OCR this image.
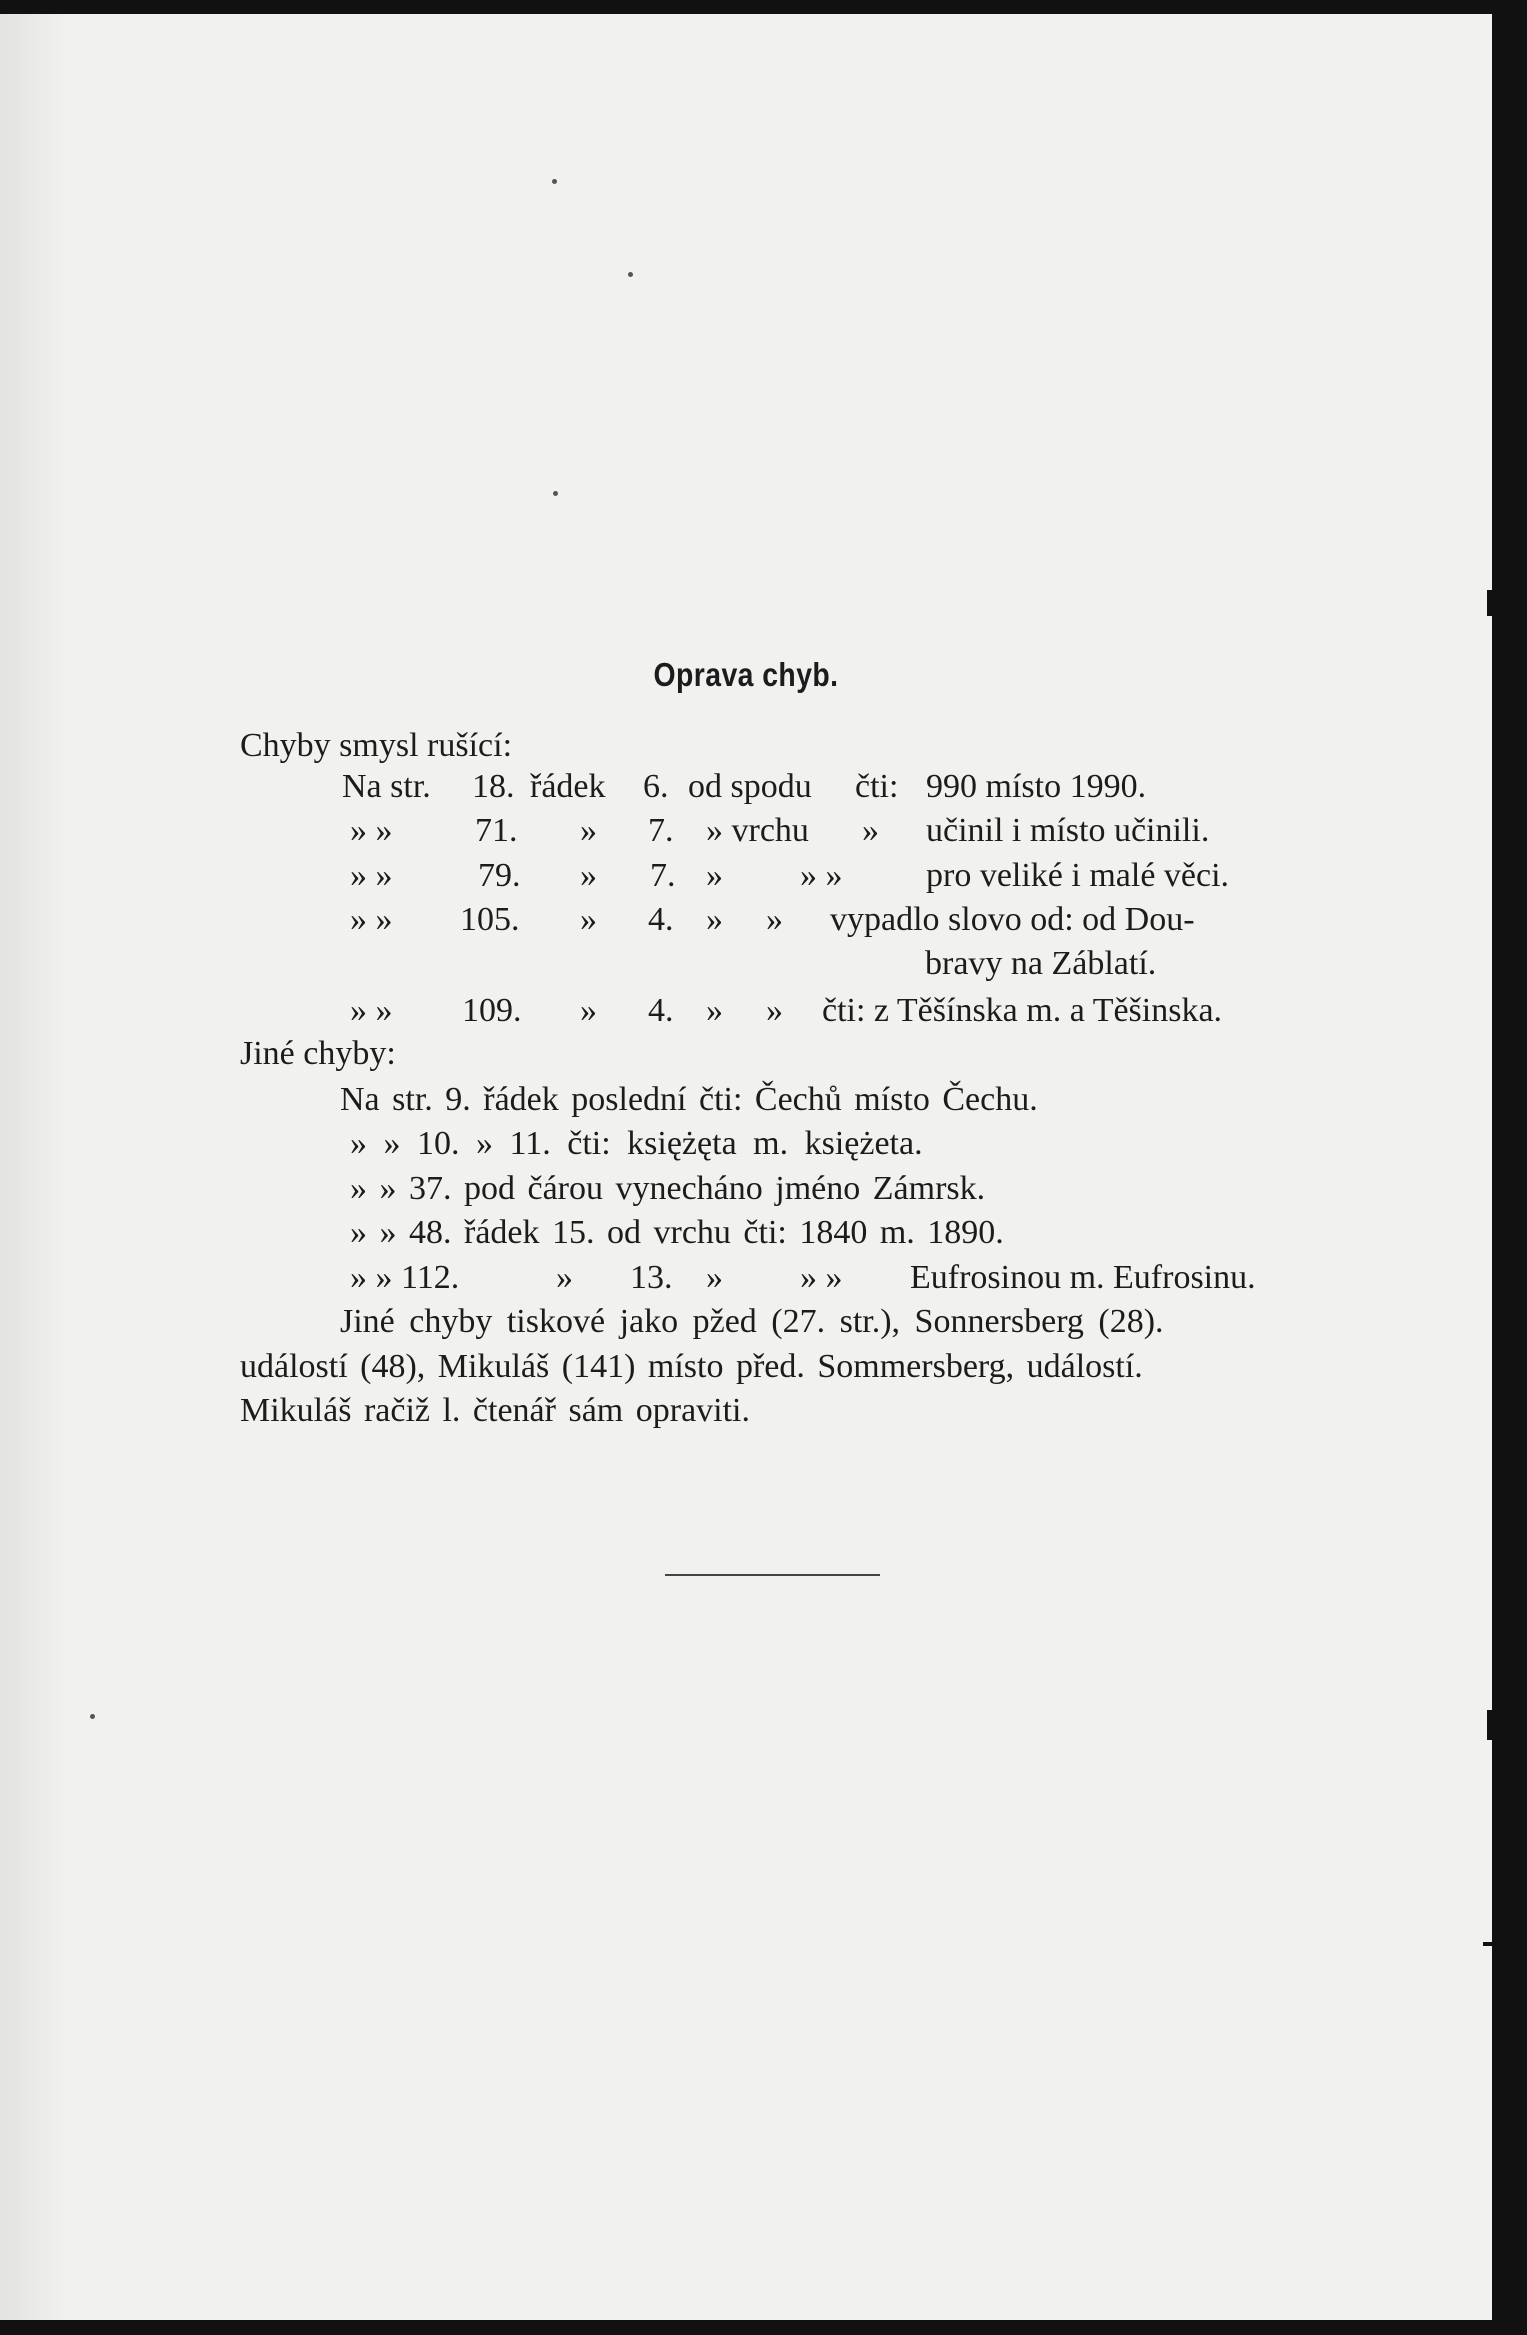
Oprava chyb.
Chyby smysl rušící:
Na str. 18. řádek 6. od spodu čti: 990 místo 1990.
» » 71. » 7. » vrchu » učinil i místo učinili.
» »	79. » 7. » » » pro veliké i malé věci.
» » 105. » 4. » » vypadlo slovo od: od Dou-
bravy na Záblatí.
» » 109. » 4. » » čti: z Těšínska m. a Těšinska.
Jiné chyby:
Na str. 9. řádek poslední čti: Čechů místo Čechu.
» » 10. » 11. čti: księżęta m. księżeta.
» » 37. pod čárou vynecháno jméno Zámrsk.
» » 48. řádek 15. od vrchu čti: 1840 m. 1890.
» » 112.	» 13. » » » Eufrosinou m. Eufrosinu.
Jiné chyby tiskové jako pžed (27. str.), Sonnersberg (28).
událostí (48), Mikuláš (141) místo před. Sommersberg, událostí.
Mikuláš račiž l. čtenář sám opraviti.
